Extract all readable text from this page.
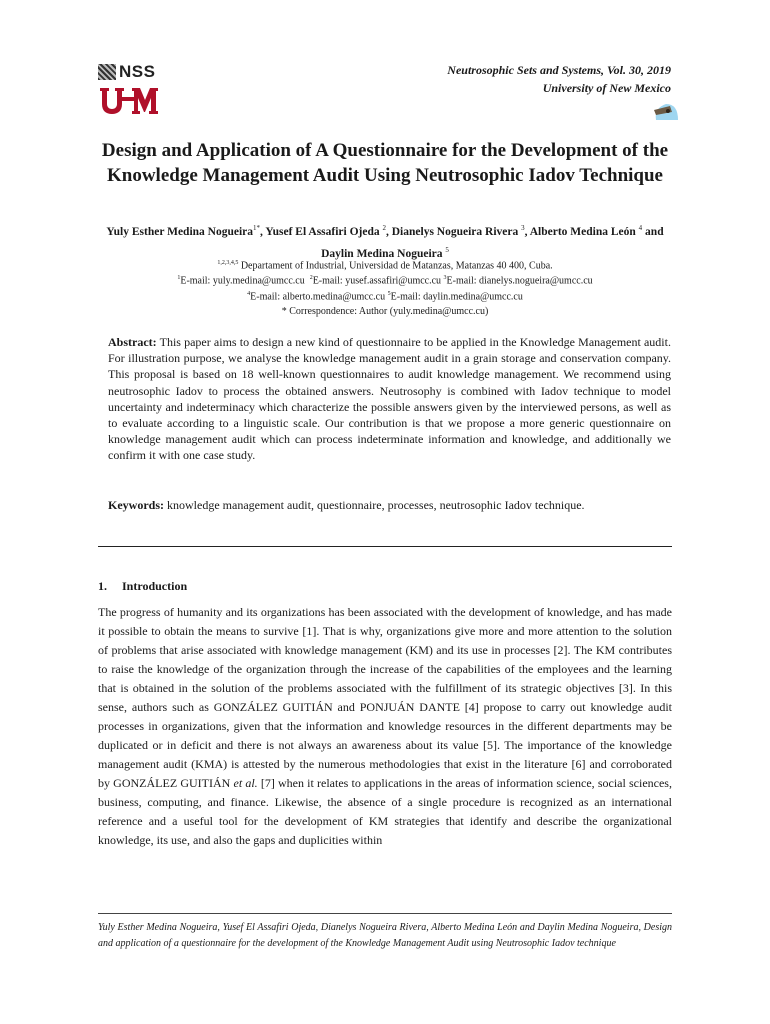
NSS
UNM
Neutrosophic Sets and Systems, Vol. 30, 2019
University of New Mexico
Design and Application of A Questionnaire for the Development of the Knowledge Management Audit Using Neutrosophic Iadov Technique
Yuly Esther Medina Nogueira$^{1*}$, Yusef El Assafiri Ojeda $^2$, Dianelys Nogueira Rivera $^3$, Alberto Medina León $^4$ and Daylin Medina Nogueira $^5$
$^{1,2,3,4,5}$ Departament of Industrial, Universidad de Matanzas, Matanzas 40 400, Cuba.
$^1$E-mail: yuly.medina@umcc.cu $^2$E-mail: yusef.assafiri@umcc.cu $^3$E-mail: dianelys.nogueira@umcc.cu
$^4$E-mail: alberto.medina@umcc.cu $^5$E-mail: daylin.medina@umcc.cu
* Correspondence: Author (yuly.medina@umcc.cu)
Abstract: This paper aims to design a new kind of questionnaire to be applied in the Knowledge Management audit. For illustration purpose, we analyse the knowledge management audit in a grain storage and conservation company. This proposal is based on 18 well-known questionnaires to audit knowledge management. We recommend using neutrosophic Iadov to process the obtained answers. Neutrosophy is combined with Iadov technique to model uncertainty and indeterminacy which characterize the possible answers given by the interviewed persons, as well as to evaluate according to a linguistic scale. Our contribution is that we propose a more generic questionnaire on knowledge management audit which can process indeterminate information and knowledge, and additionally we confirm it with one case study.
Keywords: knowledge management audit, questionnaire, processes, neutrosophic Iadov technique.
1. Introduction
The progress of humanity and its organizations has been associated with the development of knowledge, and has made it possible to obtain the means to survive [1]. That is why, organizations give more and more attention to the solution of problems that arise associated with knowledge management (KM) and its use in processes [2]. The KM contributes to raise the knowledge of the organization through the increase of the capabilities of the employees and the learning that is obtained in the solution of the problems associated with the fulfillment of its strategic objectives [3]. In this sense, authors such as GONZÁLEZ GUITIÁN and PONJUÁN DANTE [4] propose to carry out knowledge audit processes in organizations, given that the information and knowledge resources in the different departments may be duplicated or in deficit and there is not always an awareness about its value [5]. The importance of the knowledge management audit (KMA) is attested by the numerous methodologies that exist in the literature [6] and corroborated by GONZÁLEZ GUITIÁN et al. [7] when it relates to applications in the areas of information science, social sciences, business, computing, and finance. Likewise, the absence of a single procedure is recognized as an international reference and a useful tool for the development of KM strategies that identify and describe the organizational knowledge, its use, and also the gaps and duplicities within
Yuly Esther Medina Nogueira, Yusef El Assafiri Ojeda, Dianelys Nogueira Rivera, Alberto Medina León and Daylin Medina Nogueira, Design and application of a questionnaire for the development of the Knowledge Management Audit using Neutrosophic Iadov technique
